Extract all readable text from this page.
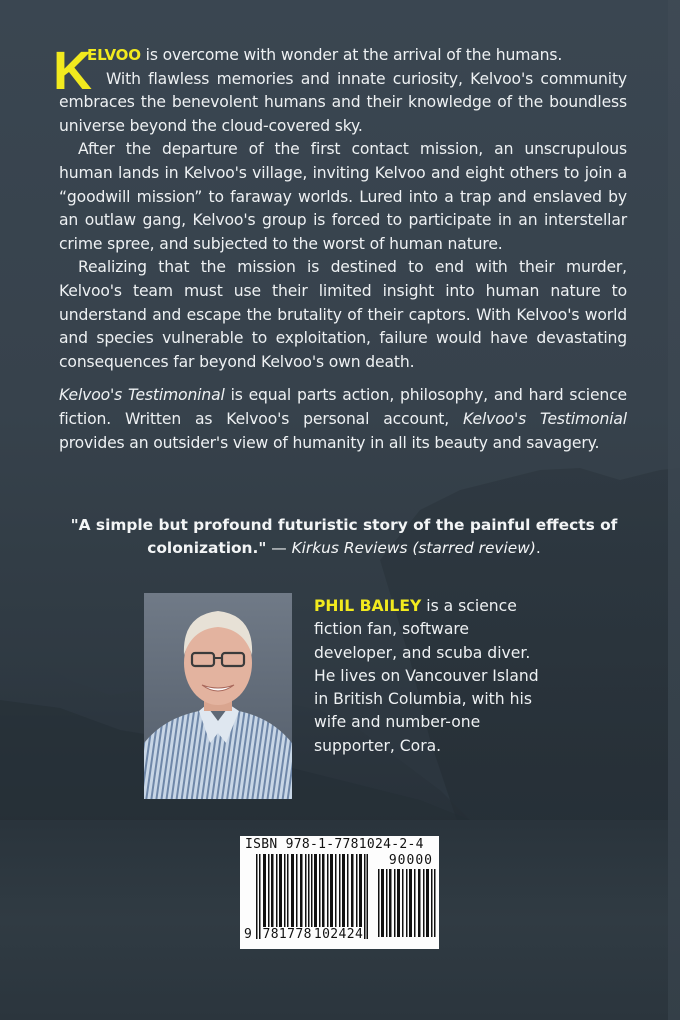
K

ELVOO is overcome with wonder at the arrival of the humans.

With flawless memories and innate curiosity, Kelvoo's community embraces the benevolent humans and their knowledge of the boundless universe beyond the cloud-covered sky.

After the departure of the first contact mission, an unscrupulous human lands in Kelvoo's village, inviting Kelvoo and eight others to join a “goodwill mission” to faraway worlds. Lured into a trap and enslaved by an outlaw gang, Kelvoo's group is forced to participate in an interstellar crime spree, and subjected to the worst of human nature.

Realizing that the mission is destined to end with their murder, Kelvoo's team must use their limited insight into human nature to understand and escape the brutality of their captors. With Kelvoo's world and species vulnerable to exploitation, failure would have devastating consequences far beyond Kelvoo's own death.

Kelvoo's Testimoninal is equal parts action, philosophy, and hard science fiction. Written as Kelvoo's personal account, Kelvoo's Testimonial provides an outsider's view of humanity in all its beauty and savagery.

"A simple but profound futuristic story of the painful effects of colonization." — Kirkus Reviews (starred review).
PHIL BAILEY is a science fiction fan, software developer, and scuba diver. He lives on Vancouver Island in British Columbia, with his wife and number-one supporter, Cora.
ISBN 978-1-7781024-2-4
90000
9 781778 102424
